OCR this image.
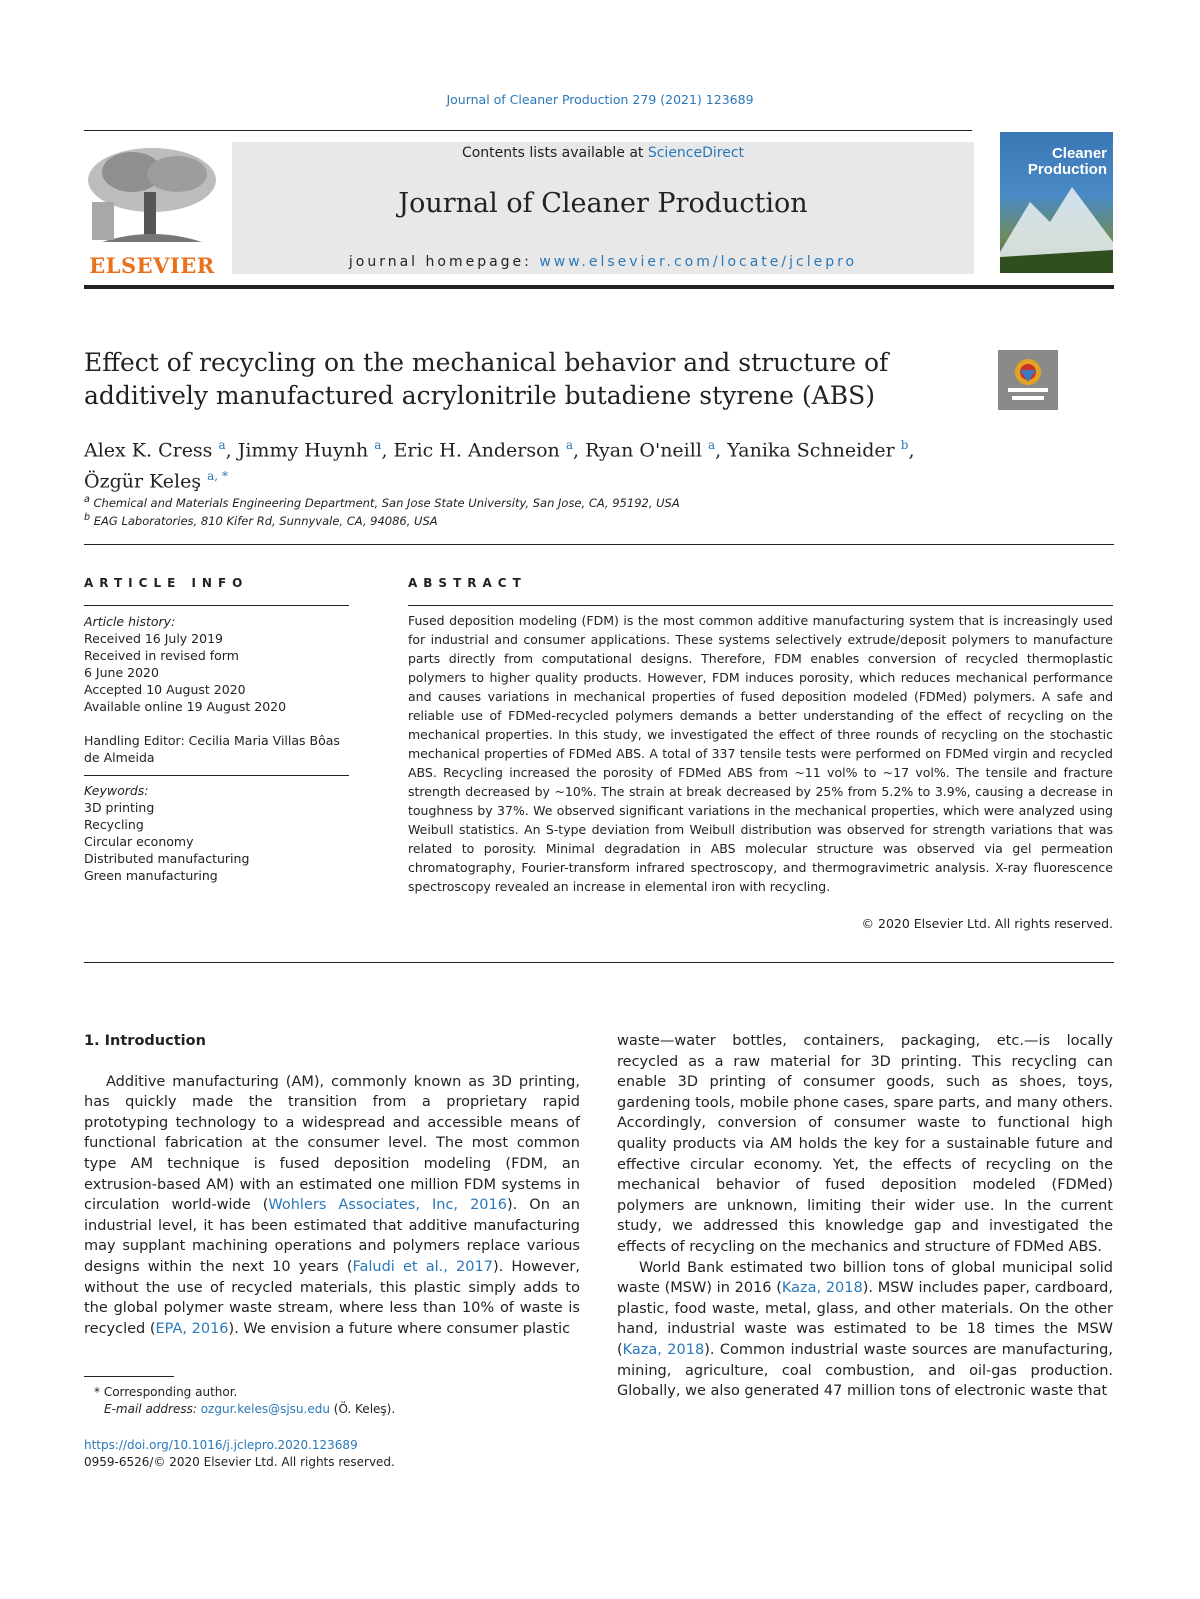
Journal of Cleaner Production 279 (2021) 123689
ELSEVIER
Contents lists available at ScienceDirect
Journal of Cleaner Production
journal homepage: www.elsevier.com/locate/jclepro
Cleaner
Production
Effect of recycling on the mechanical behavior and structure of
additively manufactured acrylonitrile butadiene styrene (ABS)
Alex K. Cress $^a$, Jimmy Huynh $^a$, Eric H. Anderson $^a$, Ryan O'neill $^a$, Yanika Schneider $^b$,
Özgür Keleş $^{a, *}$
$^a$ Chemical and Materials Engineering Department, San Jose State University, San Jose, CA, 95192, USA
$^b$ EAG Laboratories, 810 Kifer Rd, Sunnyvale, CA, 94086, USA
ARTICLE INFO
Article history:
Received 16 July 2019
Received in revised form
6 June 2020
Accepted 10 August 2020
Available online 19 August 2020
Handling Editor: Cecilia Maria Villas Bôas de Almeida
Keywords:
3D printing
Recycling
Circular economy
Distributed manufacturing
Green manufacturing
ABSTRACT
Fused deposition modeling (FDM) is the most common additive manufacturing system that is increasingly used for industrial and consumer applications. These systems selectively extrude/deposit polymers to manufacture parts directly from computational designs. Therefore, FDM enables conversion of recycled thermoplastic polymers to higher quality products. However, FDM induces porosity, which reduces mechanical performance and causes variations in mechanical properties of fused deposition modeled (FDMed) polymers. A safe and reliable use of FDMed-recycled polymers demands a better understanding of the effect of recycling on the mechanical properties. In this study, we investigated the effect of three rounds of recycling on the stochastic mechanical properties of FDMed ABS. A total of 337 tensile tests were performed on FDMed virgin and recycled ABS. Recycling increased the porosity of FDMed ABS from ~11 vol% to ~17 vol%. The tensile and fracture strength decreased by ~10%. The strain at break decreased by 25% from 5.2% to 3.9%, causing a decrease in toughness by 37%. We observed significant variations in the mechanical properties, which were analyzed using Weibull statistics. An S-type deviation from Weibull distribution was observed for strength variations that was related to porosity. Minimal degradation in ABS molecular structure was observed via gel permeation chromatography, Fourier-transform infrared spectroscopy, and thermogravimetric analysis. X-ray fluorescence spectroscopy revealed an increase in elemental iron with recycling.
© 2020 Elsevier Ltd. All rights reserved.

1. Introduction

Additive manufacturing (AM), commonly known as 3D printing, has quickly made the transition from a proprietary rapid prototyping technology to a widespread and accessible means of functional fabrication at the consumer level. The most common type AM technique is fused deposition modeling (FDM, an extrusion-based AM) with an estimated one million FDM systems in circulation world-wide (Wohlers Associates, Inc, 2016). On an industrial level, it has been estimated that additive manufacturing may supplant machining operations and polymers replace various designs within the next 10 years (Faludi et al., 2017). However, without the use of recycled materials, this plastic simply adds to the global polymer waste stream, where less than 10% of waste is recycled (EPA, 2016). We envision a future where consumer plastic

waste—water bottles, containers, packaging, etc.—is locally recycled as a raw material for 3D printing. This recycling can enable 3D printing of consumer goods, such as shoes, toys, gardening tools, mobile phone cases, spare parts, and many others. Accordingly, conversion of consumer waste to functional high quality products via AM holds the key for a sustainable future and effective circular economy. Yet, the effects of recycling on the mechanical behavior of fused deposition modeled (FDMed) polymers are unknown, limiting their wider use. In the current study, we addressed this knowledge gap and investigated the effects of recycling on the mechanics and structure of FDMed ABS.

World Bank estimated two billion tons of global municipal solid waste (MSW) in 2016 (Kaza, 2018). MSW includes paper, cardboard, plastic, food waste, metal, glass, and other materials. On the other hand, industrial waste was estimated to be 18 times the MSW (Kaza, 2018). Common industrial waste sources are manufacturing, mining, agriculture, coal combustion, and oil-gas production. Globally, we also generated 47 million tons of electronic waste that

* Corresponding author.
E-mail address: ozgur.keles@sjsu.edu (Ö. Keleş).
https://doi.org/10.1016/j.jclepro.2020.123689
0959-6526/© 2020 Elsevier Ltd. All rights reserved.
